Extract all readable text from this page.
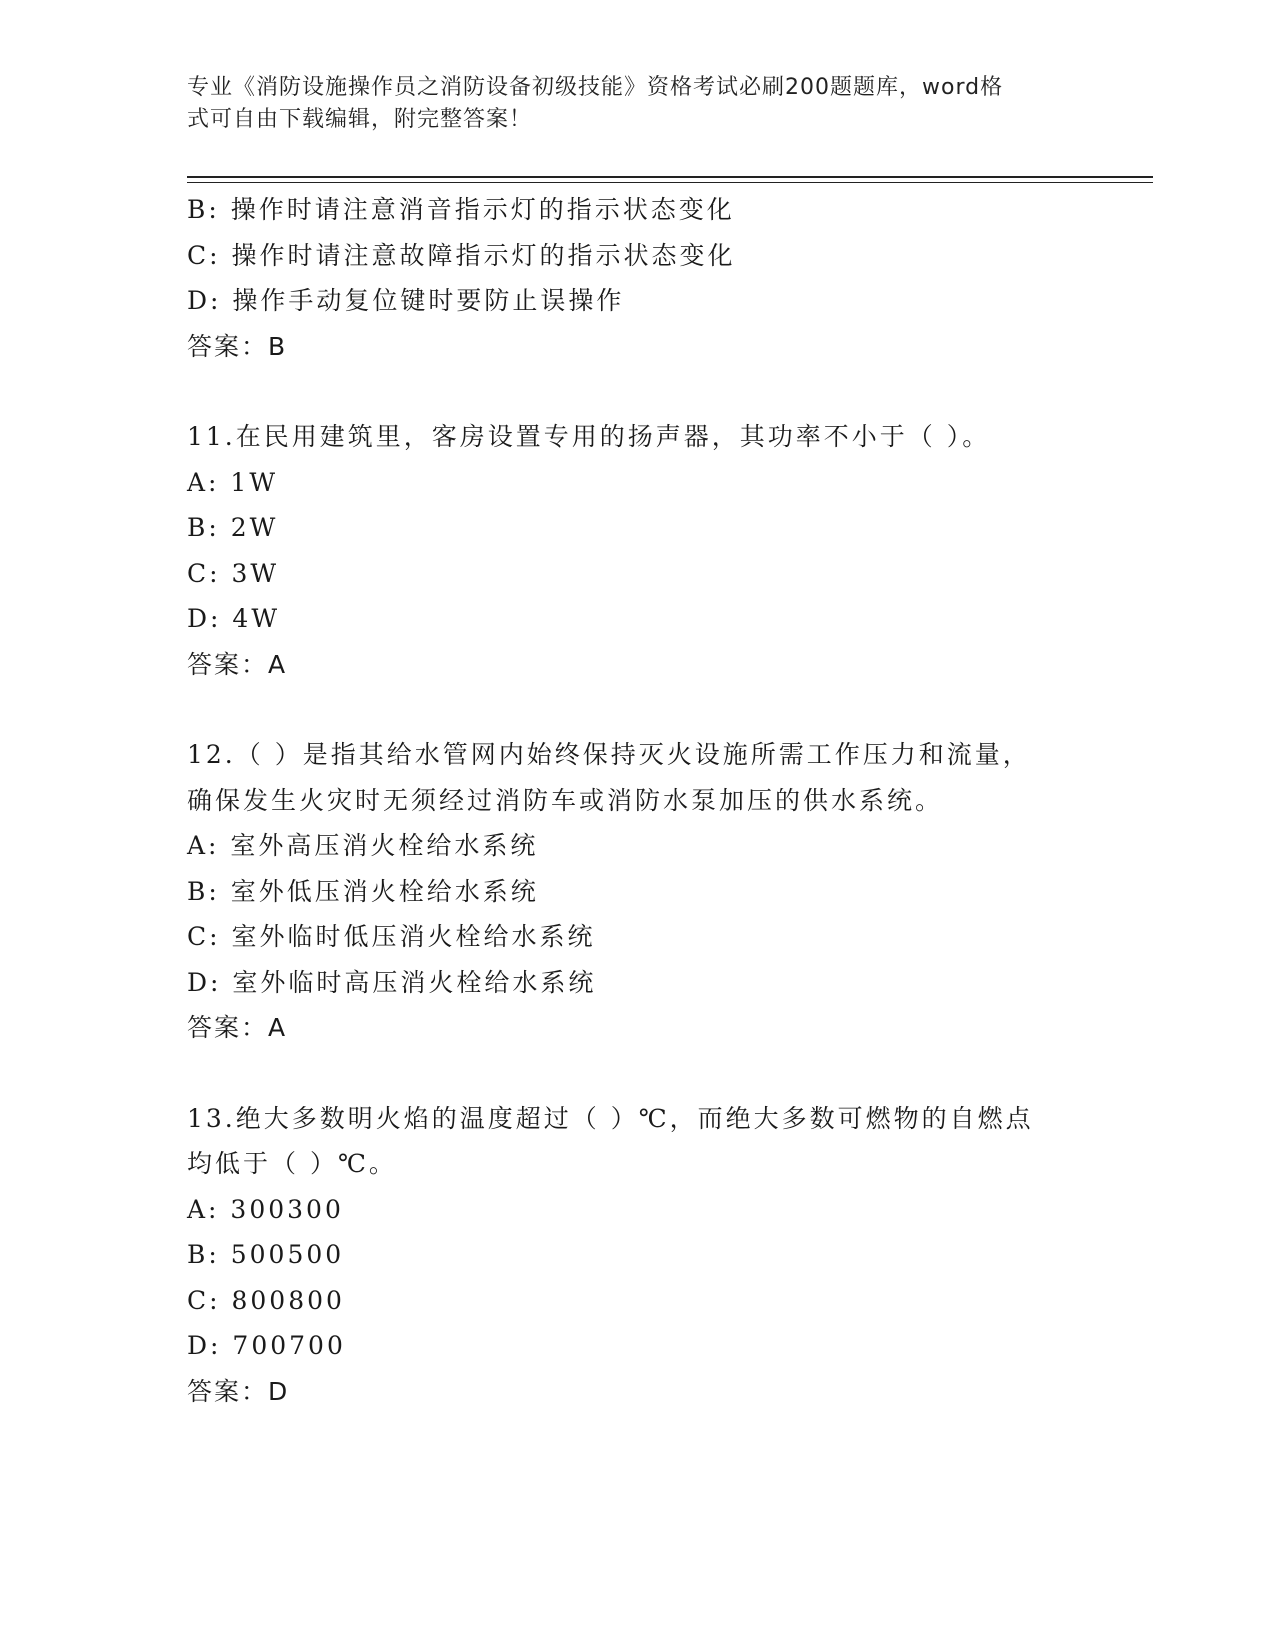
专业《消防设施操作员之消防设备初级技能》资格考试必刷200题题库，word格
式可自由下载编辑，附完整答案！
B: 操作时请注意消音指示灯的指示状态变化
C: 操作时请注意故障指示灯的指示状态变化
D: 操作手动复位键时要防止误操作
答案：B
11.在民用建筑里，客房设置专用的扬声器，其功率不小于（ ）。
A: 1W
B: 2W
C: 3W
D: 4W
答案：A
12.（ ）是指其给水管网内始终保持灭火设施所需工作压力和流量，
确保发生火灾时无须经过消防车或消防水泵加压的供水系统。
A: 室外高压消火栓给水系统
B: 室外低压消火栓给水系统
C: 室外临时低压消火栓给水系统
D: 室外临时高压消火栓给水系统
答案：A
13.绝大多数明火焰的温度超过（ ）℃，而绝大多数可燃物的自燃点
均低于（ ）℃。
A: 300300
B: 500500
C: 800800
D: 700700
答案：D
